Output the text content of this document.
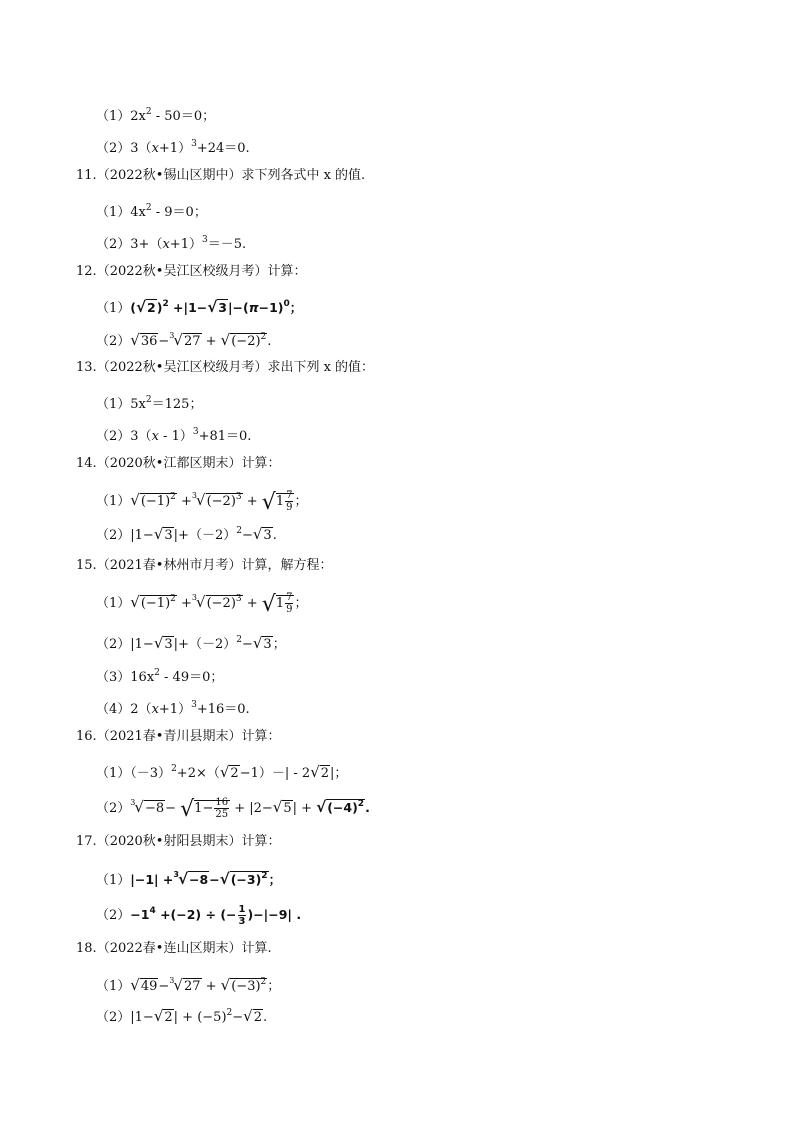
$(1)2x^2 - 50=0$；
$(2)3(x+1)^3+24=0$.
11.（2022秋•锡山区期中）求下列各式中 x 的值.
$(1)4x^2 - 9=0$；
$(2)3+(x+1)^3=-5$.
12.（2022秋•吴江区校级月考）计算：
$(1)(√2)^2 +|1-√3|-(\pi-1)^0$；
$(2)√36-^3√27 + √(-2)^2$.
13.（2022秋•吴江区校级月考）求出下列 x 的值：
$(1)5x^2=125$；
（2）3（x - 1）$^3$+81＝0.
14.（2020秋•江都区期末）计算：
$(1)√(-1)^2 +^3√(-2)^3 + √1 \frac{7}{9}$ ；
$(2)|1-√3|+(-2)^2-√3$.
15.（2021春•林州市月考）计算，解方程：
$(1)√(-1)^2 +^3√(-2)^3 + √1 \frac{7}{9}$ ；
$(2)|1-√3|+(-2)^2-√3$；
$(3)16x^2 - 49=0$；
$(4)2(x+1)^3+16=0$.
16.（2021春•青川县期末）计算：
$(1)(-3)^2+2\times(√2-1)-| - 2√2|$；
$(2)^3√-8- √1- \frac{16}{25} + |2-√5| + √(-4)^2$.
17.（2020秋•射阳县期末）计算：
$(1)|-1| +^3√-8-√(-3)^2$；
$(2)-1^4 +(-2)$ ÷ (− $\frac{1}{3} )-|-9|$ .
18.（2022春•连山区期末）计算.
$(1)√49-^3√27 + √(-3)^2$；
$(2)|1-√2| + (-5)^2-√2$.
